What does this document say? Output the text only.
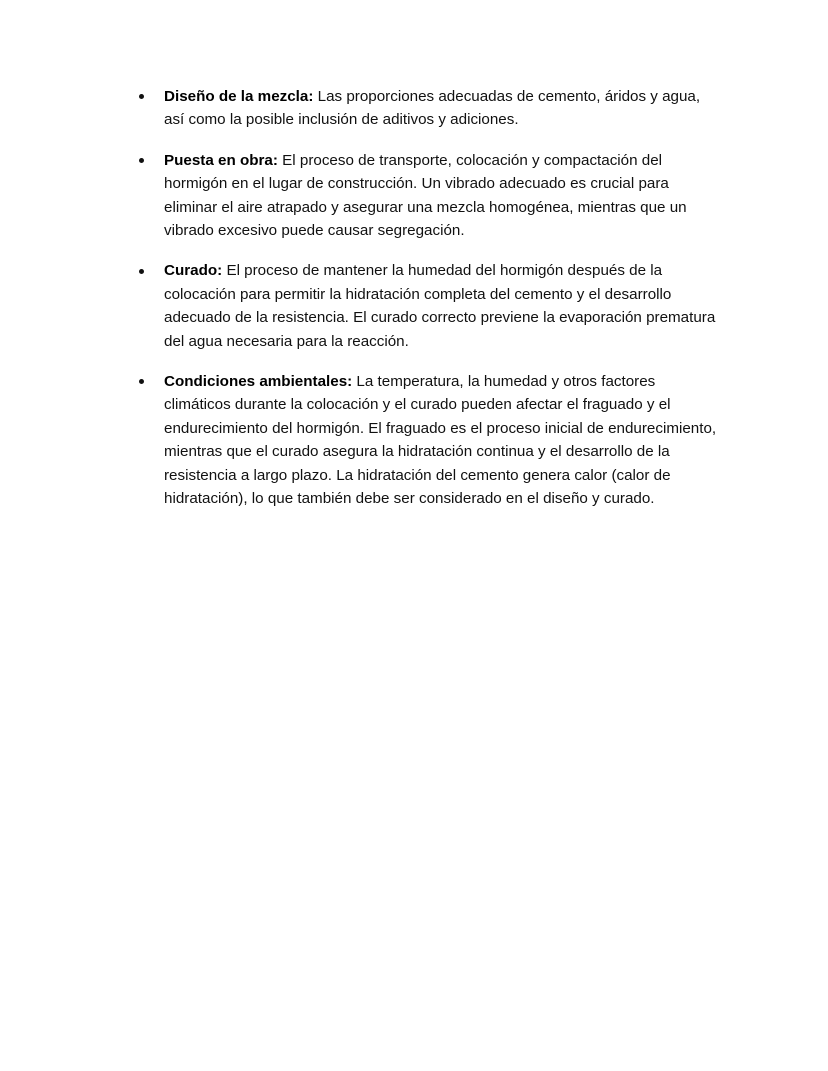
Diseño de la mezcla: Las proporciones adecuadas de cemento, áridos y agua, así como la posible inclusión de aditivos y adiciones.
Puesta en obra: El proceso de transporte, colocación y compactación del hormigón en el lugar de construcción. Un vibrado adecuado es crucial para eliminar el aire atrapado y asegurar una mezcla homogénea, mientras que un vibrado excesivo puede causar segregación.
Curado: El proceso de mantener la humedad del hormigón después de la colocación para permitir la hidratación completa del cemento y el desarrollo adecuado de la resistencia. El curado correcto previene la evaporación prematura del agua necesaria para la reacción.
Condiciones ambientales: La temperatura, la humedad y otros factores climáticos durante la colocación y el curado pueden afectar el fraguado y el endurecimiento del hormigón. El fraguado es el proceso inicial de endurecimiento, mientras que el curado asegura la hidratación continua y el desarrollo de la resistencia a largo plazo. La hidratación del cemento genera calor (calor de hidratación), lo que también debe ser considerado en el diseño y curado.
